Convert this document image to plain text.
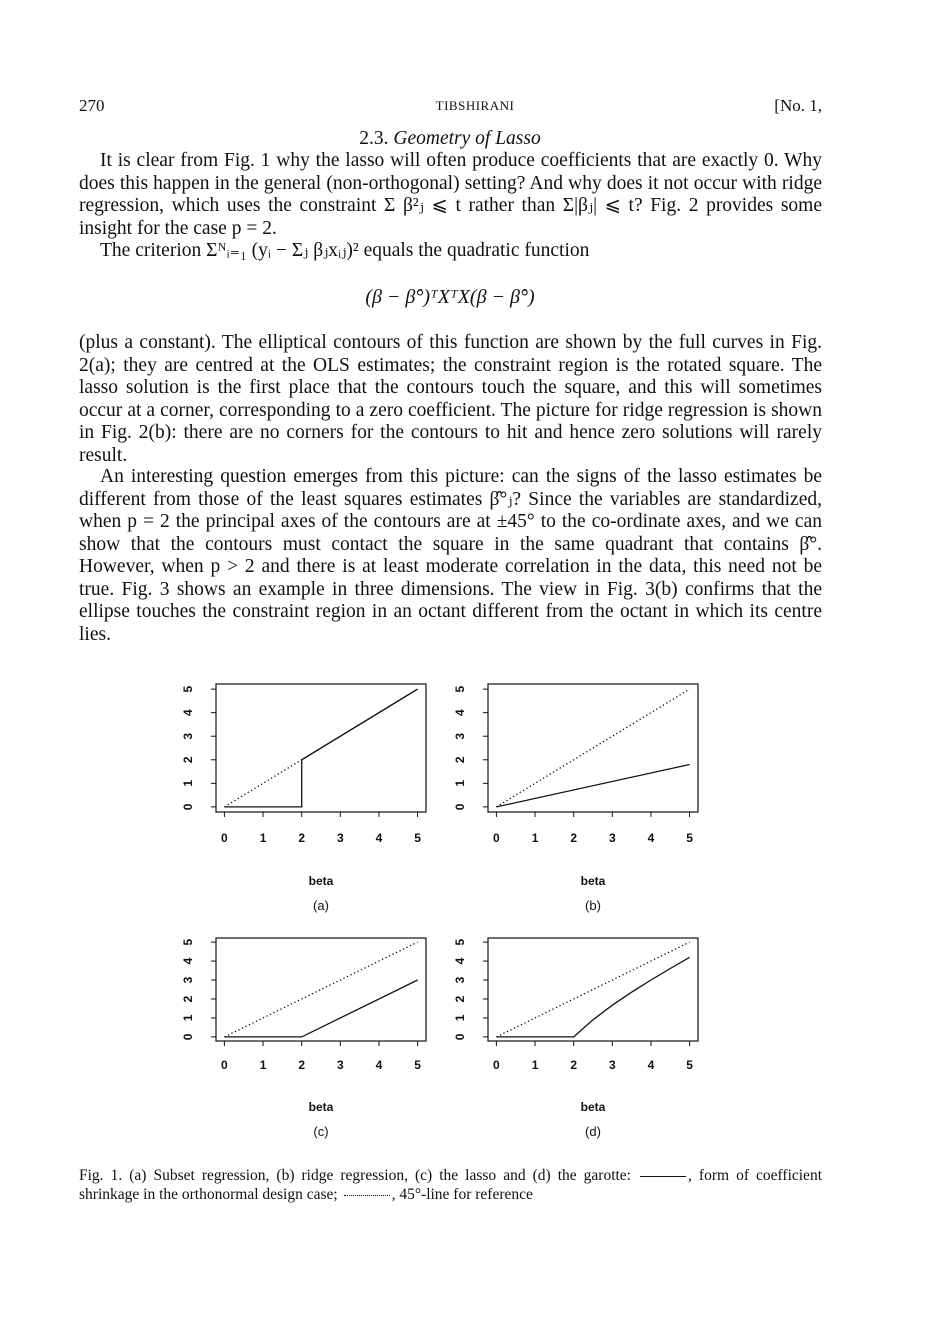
270	TIBSHIRANI	[No. 1,
2.3. Geometry of Lasso
It is clear from Fig. 1 why the lasso will often produce coefficients that are exactly 0. Why does this happen in the general (non-orthogonal) setting? And why does it not occur with ridge regression, which uses the constraint Σ β²ⱼ ⩽ t rather than Σ|βⱼ| ⩽ t? Fig. 2 provides some insight for the case p = 2.
The criterion Σᴺᵢ₌₁ (yᵢ − Σⱼ βⱼxᵢⱼ)² equals the quadratic function
(β − β̂°)ᵀXᵀX(β − β̂°)
(plus a constant). The elliptical contours of this function are shown by the full curves in Fig. 2(a); they are centred at the OLS estimates; the constraint region is the rotated square. The lasso solution is the first place that the contours touch the square, and this will sometimes occur at a corner, corresponding to a zero coefficient. The picture for ridge regression is shown in Fig. 2(b): there are no corners for the contours to hit and hence zero solutions will rarely result.
An interesting question emerges from this picture: can the signs of the lasso estimates be different from those of the least squares estimates β̂°ⱼ? Since the variables are standardized, when p = 2 the principal axes of the contours are at ±45° to the co-ordinate axes, and we can show that the contours must contact the square in the same quadrant that contains β̂°. However, when p > 2 and there is at least moderate correlation in the data, this need not be true. Fig. 3 shows an example in three dimensions. The view in Fig. 3(b) confirms that the ellipse touches the constraint region in an octant different from the octant in which its centre lies.
0
0
1
1
2
2
3
3
4
4
5
5
beta
(a)
0
0
1
1
2
2
3
3
4
4
5
5
beta
(b)
0
0
1
1
2
2
3
3
4
4
5
5
beta
(c)
0
0
1
1
2
2
3
3
4
4
5
5
beta
(d)
Fig. 1. (a) Subset regression, (b) ridge regression, (c) the lasso and (d) the garotte:	, form of coefficient shrinkage in the orthonormal design case;	, 45°-line for reference
